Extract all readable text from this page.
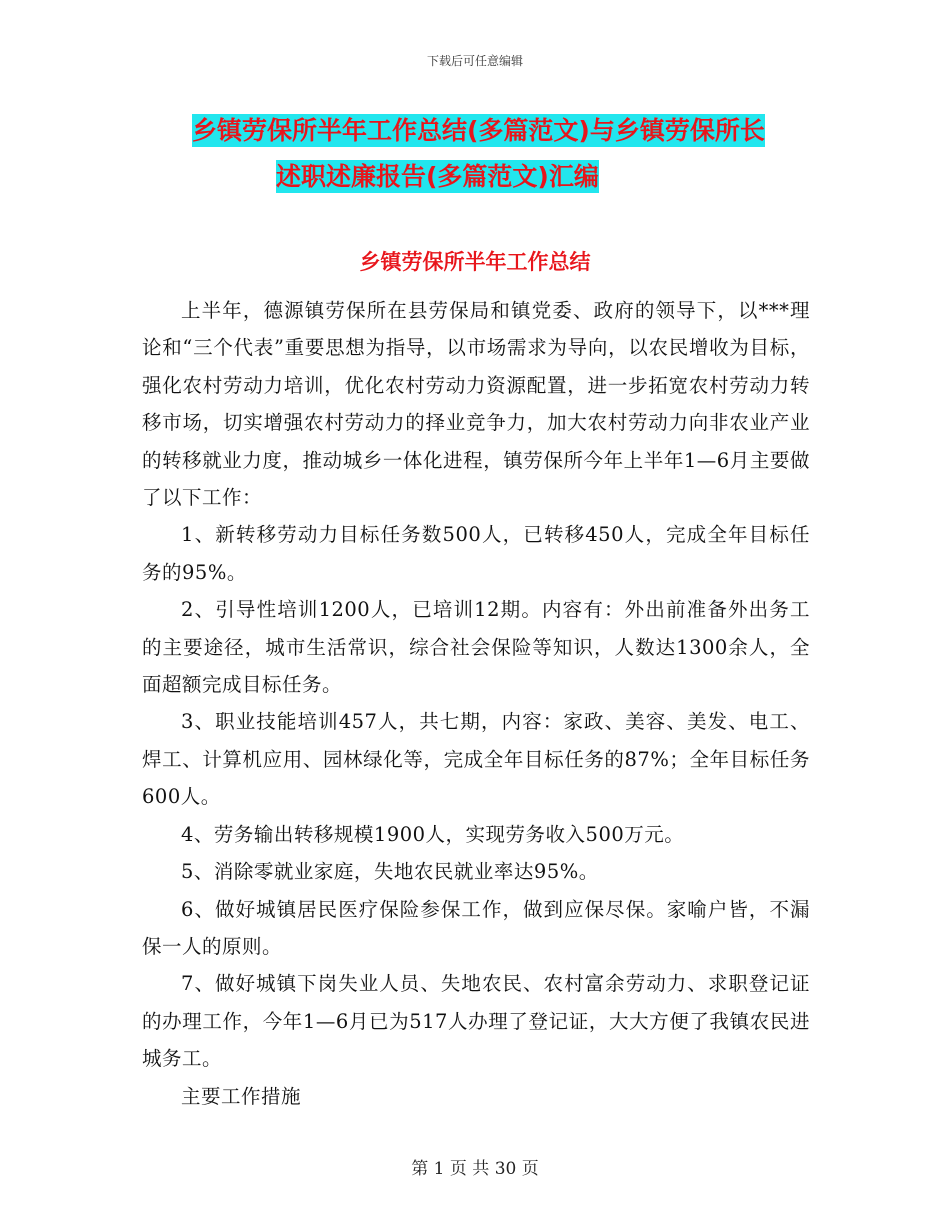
下载后可任意编辑
乡镇劳保所半年工作总结(多篇范文)与乡镇劳保所长
述职述廉报告(多篇范文)汇编
乡镇劳保所半年工作总结

上半年，德源镇劳保所在县劳保局和镇党委、政府的领导下，以***理论和“三个代表”重要思想为指导，以市场需求为导向，以农民增收为目标，强化农村劳动力培训，优化农村劳动力资源配置，进一步拓宽农村劳动力转移市场，切实增强农村劳动力的择业竞争力，加大农村劳动力向非农业产业的转移就业力度，推动城乡一体化进程，镇劳保所今年上半年1—6月主要做了以下工作：

1、新转移劳动力目标任务数500人，已转移450人，完成全年目标任务的95%。

2、引导性培训1200人，已培训12期。内容有：外出前准备外出务工的主要途径，城市生活常识，综合社会保险等知识，人数达1300余人，全面超额完成目标任务。

3、职业技能培训457人，共七期，内容：家政、美容、美发、电工、焊工、计算机应用、园林绿化等，完成全年目标任务的87%；全年目标任务600人。

4、劳务输出转移规模1900人，实现劳务收入500万元。

5、消除零就业家庭，失地农民就业率达95%。

6、做好城镇居民医疗保险参保工作，做到应保尽保。家喻户皆，不漏保一人的原则。

7、做好城镇下岗失业人员、失地农民、农村富余劳动力、求职登记证的办理工作，今年1—6月已为517人办理了登记证，大大方便了我镇农民进城务工。

主要工作措施

第 1 页 共 30 页
